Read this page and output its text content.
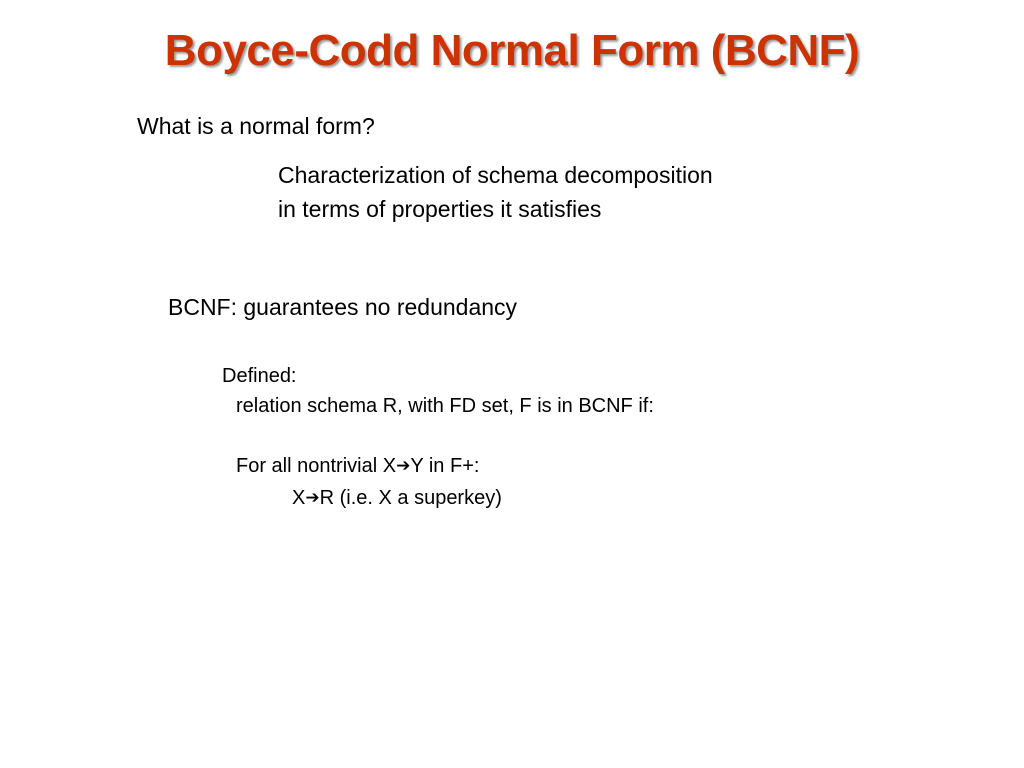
Boyce-Codd Normal Form (BCNF)
What is a normal form?
Characterization of schema decomposition
in terms of properties it satisfies
BCNF: guarantees no redundancy
Defined:
relation schema R, with FD set, F is in BCNF if:
For all nontrivial X➔Y in F+:
X➔R (i.e. X a superkey)
